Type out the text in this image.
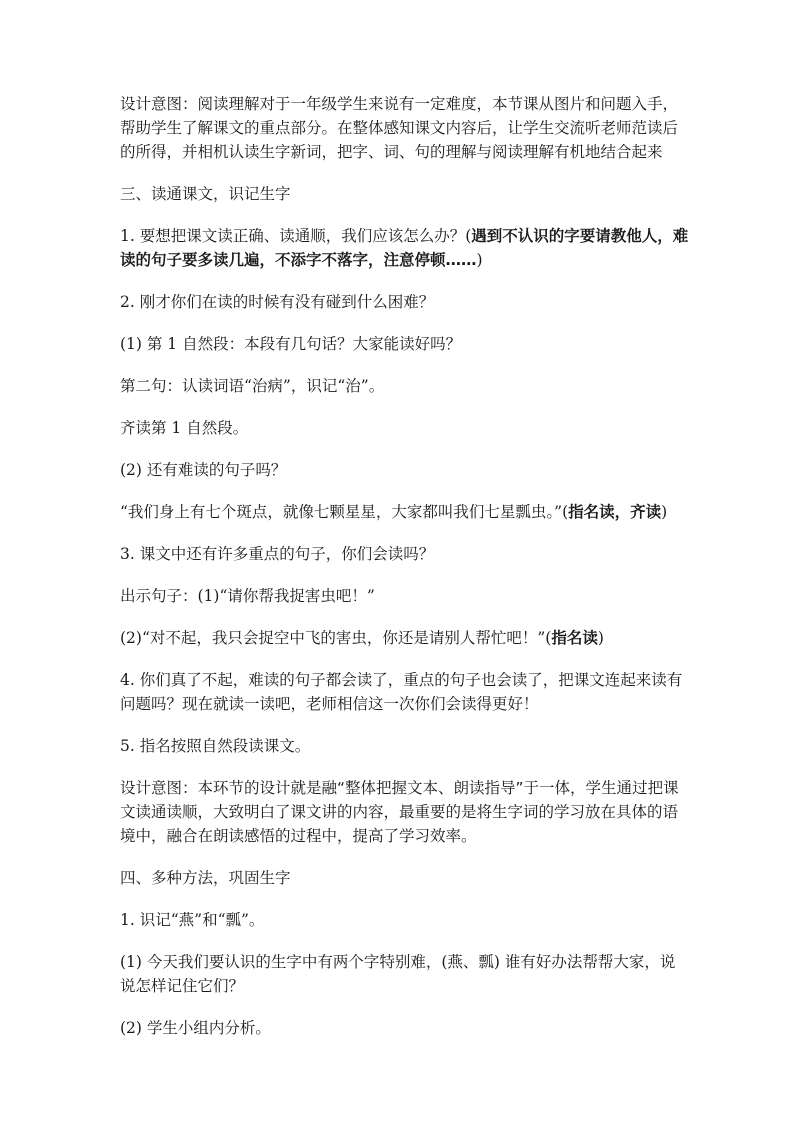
设计意图：阅读理解对于一年级学生来说有一定难度，本节课从图片和问题入手，帮助学生了解课文的重点部分。在整体感知课文内容后，让学生交流听老师范读后的所得，并相机认读生字新词，把字、词、句的理解与阅读理解有机地结合起来

三、读通课文，识记生字

1. 要想把课文读正确、读通顺，我们应该怎么办？(遇到不认识的字要请教他人，难读的句子要多读几遍，不添字不落字，注意停顿……)

2. 刚才你们在读的时候有没有碰到什么困难？

(1) 第 1 自然段：本段有几句话？大家能读好吗？

第二句：认读词语“治病”，识记“治”。

齐读第 1 自然段。

(2) 还有难读的句子吗？

“我们身上有七个斑点，就像七颗星星，大家都叫我们七星瓢虫。”(指名读，齐读)

3. 课文中还有许多重点的句子，你们会读吗？

出示句子：(1)“请你帮我捉害虫吧！”

(2)“对不起，我只会捉空中飞的害虫，你还是请别人帮忙吧！”(指名读)

4. 你们真了不起，难读的句子都会读了，重点的句子也会读了，把课文连起来读有问题吗？现在就读一读吧，老师相信这一次你们会读得更好！

5. 指名按照自然段读课文。

设计意图：本环节的设计就是融“整体把握文本、朗读指导”于一体，学生通过把课文读通读顺，大致明白了课文讲的内容，最重要的是将生字词的学习放在具体的语境中，融合在朗读感悟的过程中，提高了学习效率。

四、多种方法，巩固生字

1. 识记“燕”和“瓢”。

(1) 今天我们要认识的生字中有两个字特别难，(燕、瓢) 谁有好办法帮帮大家，说说怎样记住它们？

(2) 学生小组内分析。
